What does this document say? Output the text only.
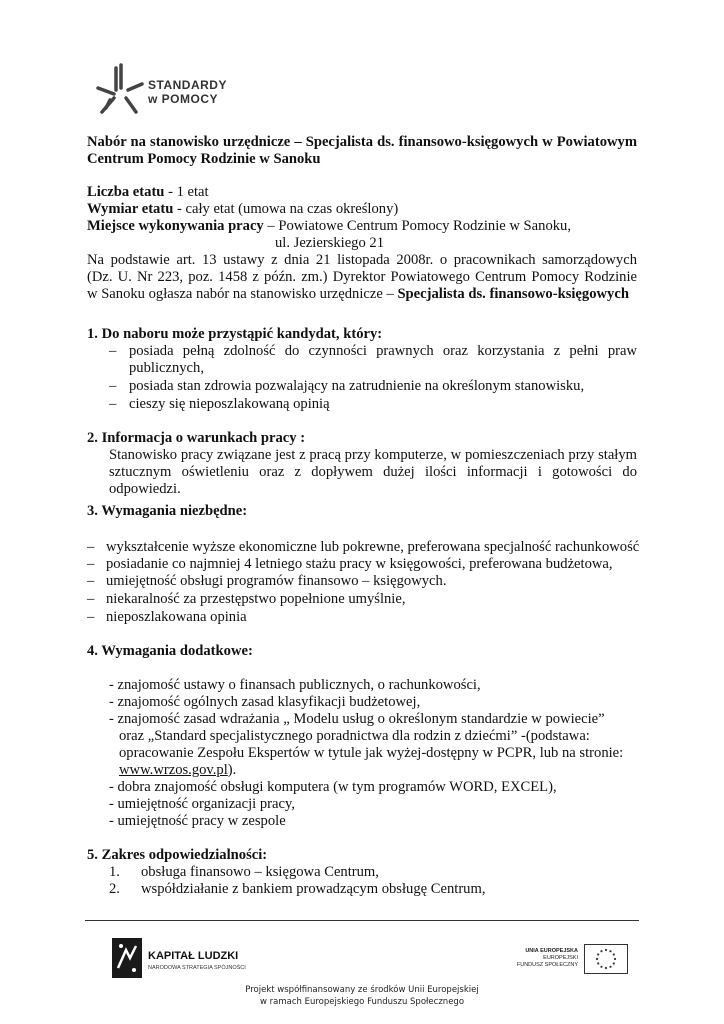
STANDARDY
w POMOCY
Nabór na stanowisko urzędnicze – Specjalista ds. finansowo-księgowych w Powiatowym
Centrum Pomocy Rodzinie w Sanoku
Liczba etatu - 1 etat
Wymiar etatu - cały etat (umowa na czas określony)
Miejsce wykonywania pracy – Powiatowe Centrum Pomocy Rodzinie w Sanoku,
ul. Jezierskiego 21
Na podstawie art. 13 ustawy z dnia 21 listopada 2008r. o pracownikach samorządowych
(Dz. U. Nr 223, poz. 1458 z późn. zm.) Dyrektor Powiatowego Centrum Pomocy Rodzinie
w Sanoku ogłasza nabór na stanowisko urzędnicze – Specjalista ds. finansowo-księgowych
1. Do naboru może przystąpić kandydat, który:
– posiada pełną zdolność do czynności prawnych oraz korzystania z pełni praw
publicznych,
– posiada stan zdrowia pozwalający na zatrudnienie na określonym stanowisku,
– cieszy się nieposzlakowaną opinią
2. Informacja o warunkach pracy :
Stanowisko pracy związane jest z pracą przy komputerze, w pomieszczeniach przy stałym
sztucznym oświetleniu oraz z dopływem dużej ilości informacji i gotowości do
odpowiedzi.
3. Wymagania niezbędne:
– wykształcenie wyższe ekonomiczne lub pokrewne, preferowana specjalność rachunkowość
– posiadanie co najmniej 4 letniego stażu pracy w księgowości, preferowana budżetowa,
– umiejętność obsługi programów finansowo – księgowych.
– niekaralność za przestępstwo popełnione umyślnie,
– nieposzlakowana opinia
4. Wymagania dodatkowe:
- znajomość ustawy o finansach publicznych, o rachunkowości,
- znajomość ogólnych zasad klasyfikacji budżetowej,
- znajomość zasad wdrażania „ Modelu usług o określonym standardzie w powiecie”
oraz „Standard specjalistycznego poradnictwa dla rodzin z dziećmi” -(podstawa:
opracowanie Zespołu Ekspertów w tytule jak wyżej-dostępny w PCPR, lub na stronie:
www.wrzos.gov.pl).
- dobra znajomość obsługi komputera (w tym programów WORD, EXCEL),
- umiejętność organizacji pracy,
- umiejętność pracy w zespole
5. Zakres odpowiedzialności:
1. obsługa finansowo – księgowa Centrum,
2. współdziałanie z bankiem prowadzącym obsługę Centrum,
KAPITAŁ LUDZKI
NARODOWA STRATEGIA SPÓJNOŚCI
UNIA EUROPEJSKA
EUROPEJSKI
FUNDUSZ SPOŁECZNY
Projekt współfinansowany ze środków Unii Europejskiej
w ramach Europejskiego Funduszu Społecznego
